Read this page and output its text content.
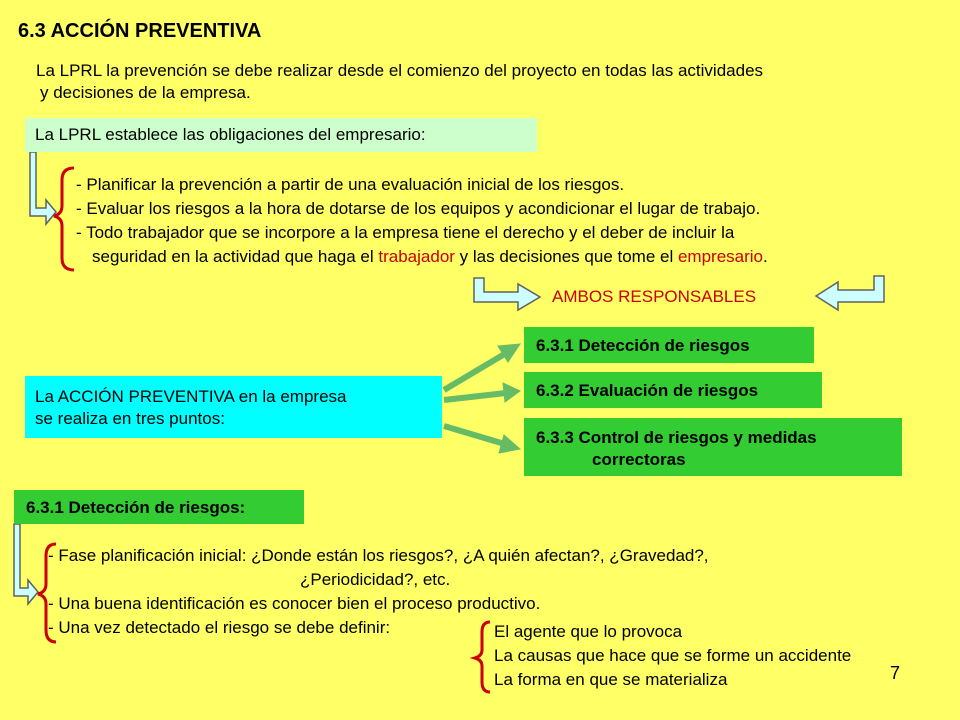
6.3 ACCIÓN PREVENTIVA
La LPRL la prevención se debe realizar desde el comienzo del proyecto en todas las actividades
y decisiones de la empresa.
La LPRL establece las obligaciones del empresario:
- Planificar la prevención a partir de una evaluación inicial de los riesgos.
- Evaluar los riesgos a la hora de dotarse de los equipos y acondicionar el lugar de trabajo.
- Todo trabajador que se incorpore a la empresa tiene el derecho y el deber de incluir la
seguridad en la actividad que haga el trabajador y las decisiones que tome el empresario.
AMBOS RESPONSABLES
La ACCIÓN PREVENTIVA en la empresa
se realiza en tres puntos:
6.3.1 Detección de riesgos
6.3.2 Evaluación de riesgos
6.3.3 Control de riesgos y medidas
correctoras
6.3.1 Detección de riesgos:
- Fase planificación inicial: ¿Donde están los riesgos?, ¿A quién afectan?, ¿Gravedad?,
¿Periodicidad?, etc.
- Una buena identificación es conocer bien el proceso productivo.
- Una vez detectado el riesgo se debe definir:	El agente que lo provoca
La causas que hace que se forme un accidente
La forma en que se materializa	7
